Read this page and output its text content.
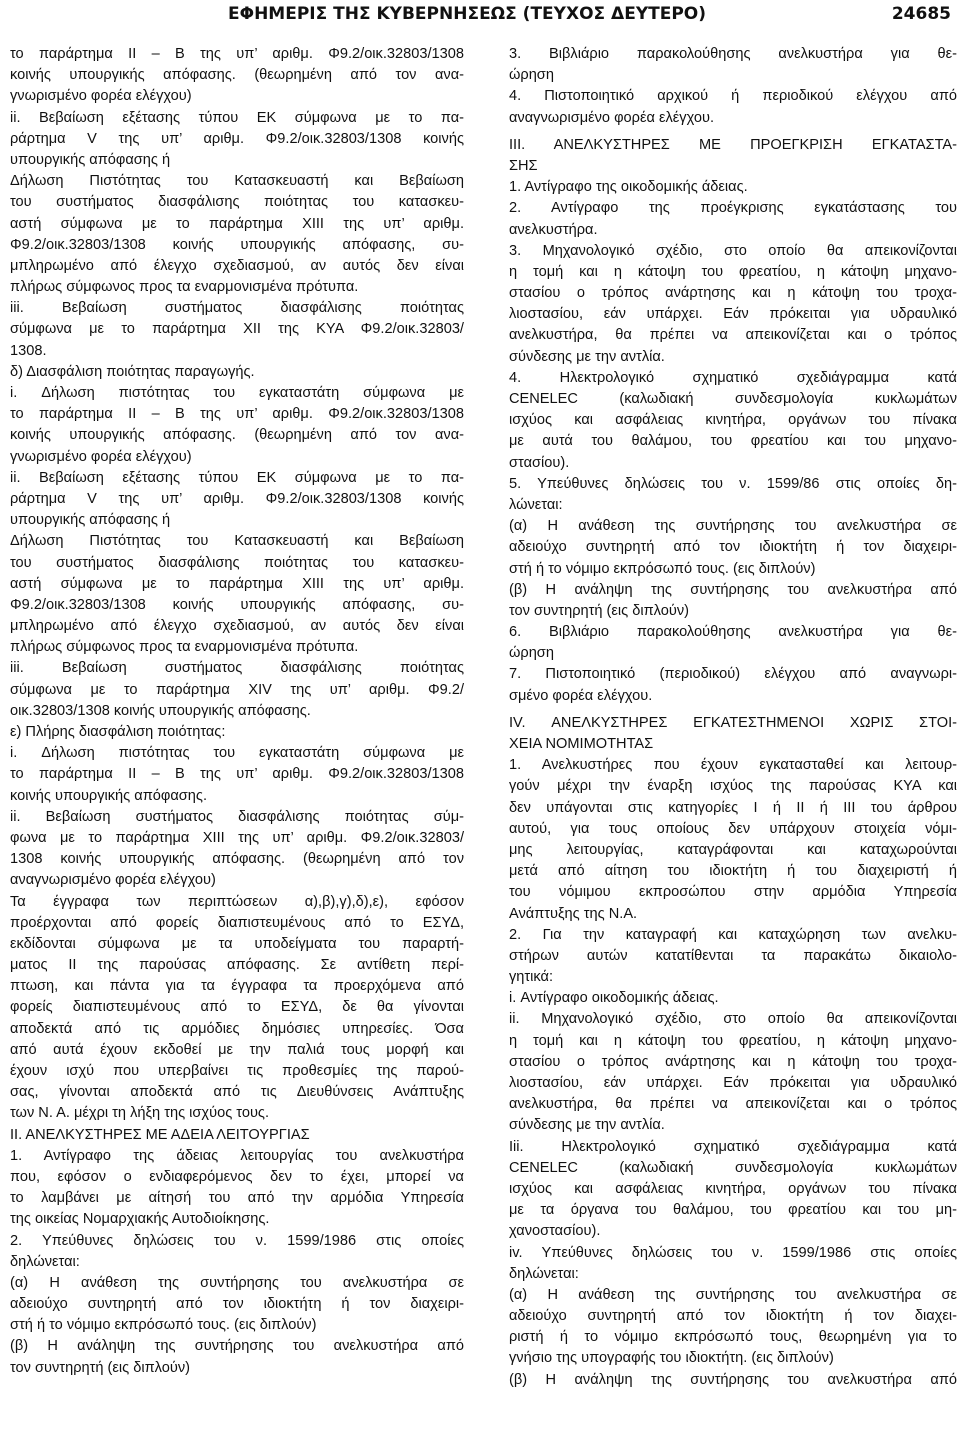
ΕΦΗΜΕΡΙΣ ΤΗΣ ΚΥΒΕΡΝΗΣΕΩΣ (ΤΕΥΧΟΣ ΔΕΥΤΕΡΟ)	24685
το παράρτημα ΙΙ – Β της υπ’ αριθμ. Φ9.2/οικ.32803/1308
κοινής υπουργικής απόφασης. (θεωρημένη από τον ανα-
γνωρισμένο φορέα ελέγχου)
ii. Βεβαίωση εξέτασης τύπου ΕΚ σύμφωνα με το πα-
ράρτημα V της υπ’ αριθμ. Φ9.2/οικ.32803/1308 κοινής
υπουργικής απόφασης ή
Δήλωση Πιστότητας του Κατασκευαστή και Βεβαίωση
του συστήματος διασφάλισης ποιότητας του κατασκευ-
αστή σύμφωνα με το παράρτημα ΧΙΙΙ της υπ’ αριθμ.
Φ9.2/οικ.32803/1308 κοινής υπουργικής απόφασης, συ-
μπληρωμένο από έλεγχο σχεδιασμού, αν αυτός δεν είναι
πλήρως σύμφωνος προς τα εναρμονισμένα πρότυπα.
iii. Βεβαίωση συστήματος διασφάλισης ποιότητας
σύμφωνα με το παράρτημα ΧΙΙ της ΚΥΑ Φ9.2/οικ.32803/
1308.
δ) Διασφάλιση ποιότητας παραγωγής.
i. Δήλωση πιστότητας του εγκαταστάτη σύμφωνα με
το παράρτημα ΙΙ – Β της υπ’ αριθμ. Φ9.2/οικ.32803/1308
κοινής υπουργικής απόφασης. (θεωρημένη από τον ανα-
γνωρισμένο φορέα ελέγχου)
ii. Βεβαίωση εξέτασης τύπου ΕΚ σύμφωνα με το πα-
ράρτημα V της υπ’ αριθμ. Φ9.2/οικ.32803/1308 κοινής
υπουργικής απόφασης ή
Δήλωση Πιστότητας του Κατασκευαστή και Βεβαίωση
του συστήματος διασφάλισης ποιότητας του κατασκευ-
αστή σύμφωνα με το παράρτημα ΧΙΙΙ της υπ’ αριθμ.
Φ9.2/οικ.32803/1308 κοινής υπουργικής απόφασης, συ-
μπληρωμένο από έλεγχο σχεδιασμού, αν αυτός δεν είναι
πλήρως σύμφωνος προς τα εναρμονισμένα πρότυπα.
iii. Βεβαίωση συστήματος διασφάλισης ποιότητας
σύμφωνα με το παράρτημα ΧIV της υπ’ αριθμ. Φ9.2/
οικ.32803/1308 κοινής υπουργικής απόφασης.
ε) Πλήρης διασφάλιση ποιότητας:
i. Δήλωση πιστότητας του εγκαταστάτη σύμφωνα με
το παράρτημα ΙΙ – Β της υπ’ αριθμ. Φ9.2/οικ.32803/1308
κοινής υπουργικής απόφασης.
ii. Βεβαίωση συστήματος διασφάλισης ποιότητας σύμ-
φωνα με το παράρτημα ΧΙΙΙ της υπ’ αριθμ. Φ9.2/οικ.32803/
1308 κοινής υπουργικής απόφασης. (θεωρημένη από τον
αναγνωρισμένο φορέα ελέγχου)
Τα έγγραφα των περιπτώσεων α),β),γ),δ),ε), εφόσον
προέρχονται από φορείς διαπιστευμένους από το ΕΣΥΔ,
εκδίδονται σύμφωνα με τα υποδείγματα του παραρτή-
ματος ΙΙ της παρούσας απόφασης. Σε αντίθετη περί-
πτωση, και πάντα για τα έγγραφα τα προερχόμενα από
φορείς διαπιστευμένους από το ΕΣΥΔ, δε θα γίνονται
αποδεκτά από τις αρμόδιες δημόσιες υπηρεσίες. Όσα
από αυτά έχουν εκδοθεί με την παλιά τους μορφή και
έχουν ισχύ που υπερβαίνει τις προθεσμίες της παρού-
σας, γίνονται αποδεκτά από τις Διευθύνσεις Ανάπτυξης
των Ν. Α. μέχρι τη λήξη της ισχύος τους.
ΙΙ. ΑΝΕΛΚΥΣΤΗΡΕΣ ΜΕ ΑΔΕΙΑ ΛΕΙΤΟΥΡΓΙΑΣ
1. Αντίγραφο της άδειας λειτουργίας του ανελκυστήρα
που, εφόσον ο ενδιαφερόμενος δεν το έχει, μπορεί να
το λαμβάνει με αίτησή του από την αρμόδια Υπηρεσία
της οικείας Νομαρχιακής Αυτοδιοίκησης.
2. Υπεύθυνες δηλώσεις του ν. 1599/1986 στις οποίες
δηλώνεται:
(α) Η ανάθεση της συντήρησης του ανελκυστήρα σε
αδειούχο συντηρητή από τον ιδιοκτήτη ή τον διαχειρι-
στή ή το νόμιμο εκπρόσωπό τους. (εις διπλούν)
(β) Η ανάληψη της συντήρησης του ανελκυστήρα από
τον συντηρητή (εις διπλούν)
3. Βιβλιάριο παρακολούθησης ανελκυστήρα για θε-
ώρηση
4. Πιστοποιητικό αρχικού ή περιοδικού ελέγχου από
αναγνωρισμένο φορέα ελέγχου.
ΙΙΙ. ΑΝΕΛΚΥΣΤΗΡΕΣ ΜΕ ΠΡΟΕΓΚΡΙΣΗ ΕΓΚΑΤΑΣΤΑ-
ΣΗΣ
1. Αντίγραφο της οικοδομικής άδειας.
2. Αντίγραφο της προέγκρισης εγκατάστασης του
ανελκυστήρα.
3. Μηχανολογικό σχέδιο, στο οποίο θα απεικονίζονται
η τομή και η κάτοψη του φρεατίου, η κάτοψη μηχανο-
στασίου ο τρόπος ανάρτησης και η κάτοψη του τροχα-
λιοστασίου, εάν υπάρχει. Εάν πρόκειται για υδραυλικό
ανελκυστήρα, θα πρέπει να απεικονίζεται και ο τρόπος
σύνδεσης με την αντλία.
4. Ηλεκτρολογικό σχηματικό σχεδιάγραμμα κατά
CENELEC (καλωδιακή συνδεσμολογία κυκλωμάτων
ισχύος και ασφάλειας κινητήρα, οργάνων του πίνακα
με αυτά του θαλάμου, του φρεατίου και του μηχανο-
στασίου).
5. Υπεύθυνες δηλώσεις του ν. 1599/86 στις οποίες δη-
λώνεται:
(α) Η ανάθεση της συντήρησης του ανελκυστήρα σε
αδειούχο συντηρητή από τον ιδιοκτήτη ή τον διαχειρι-
στή ή το νόμιμο εκπρόσωπό τους. (εις διπλούν)
(β) Η ανάληψη της συντήρησης του ανελκυστήρα από
τον συντηρητή (εις διπλούν)
6. Βιβλιάριο παρακολούθησης ανελκυστήρα για θε-
ώρηση
7. Πιστοποιητικό (περιοδικού) ελέγχου από αναγνωρι-
σμένο φορέα ελέγχου.
IV. ΑΝΕΛΚΥΣΤΗΡΕΣ ΕΓΚΑΤΕΣΤΗΜΕΝΟΙ ΧΩΡΙΣ ΣΤΟΙ-
ΧΕΙΑ ΝΟΜΙΜΟΤΗΤΑΣ
1. Ανελκυστήρες που έχουν εγκατασταθεί και λειτουρ-
γούν μέχρι την έναρξη ισχύος της παρούσας ΚΥΑ και
δεν υπάγονται στις κατηγορίες Ι ή ΙΙ ή ΙΙΙ του άρθρου
αυτού, για τους οποίους δεν υπάρχουν στοιχεία νόμι-
μης λειτουργίας, καταγράφονται και καταχωρούνται
μετά από αίτηση του ιδιοκτήτη ή του διαχειριστή ή
του νόμιμου εκπροσώπου στην αρμόδια Υπηρεσία
Ανάπτυξης της Ν.Α.
2. Για την καταγραφή και καταχώρηση των ανελκυ-
στήρων αυτών κατατίθενται τα παρακάτω δικαιολο-
γητικά:
i. Αντίγραφο οικοδομικής άδειας.
ii. Μηχανολογικό σχέδιο, στο οποίο θα απεικονίζονται
η τομή και η κάτοψη του φρεατίου, η κάτοψη μηχανο-
στασίου ο τρόπος ανάρτησης και η κάτοψη του τροχα-
λιοστασίου, εάν υπάρχει. Εάν πρόκειται για υδραυλικό
ανελκυστήρα, θα πρέπει να απεικονίζεται και ο τρόπος
σύνδεσης με την αντλία.
Iii. Ηλεκτρολογικό σχηματικό σχεδιάγραμμα κατά
CENELEC (καλωδιακή συνδεσμολογία κυκλωμάτων
ισχύος και ασφάλειας κινητήρα, οργάνων του πίνακα
με τα όργανα του θαλάμου, του φρεατίου και του μη-
χανοστασίου).
iv. Υπεύθυνες δηλώσεις του ν. 1599/1986 στις οποίες
δηλώνεται:
(α) Η ανάθεση της συντήρησης του ανελκυστήρα σε
αδειούχο συντηρητή από τον ιδιοκτήτη ή τον διαχει-
ριστή ή το νόμιμο εκπρόσωπό τους, θεωρημένη για το
γνήσιο της υπογραφής του ιδιοκτήτη. (εις διπλούν)
(β) Η ανάληψη της συντήρησης του ανελκυστήρα από
